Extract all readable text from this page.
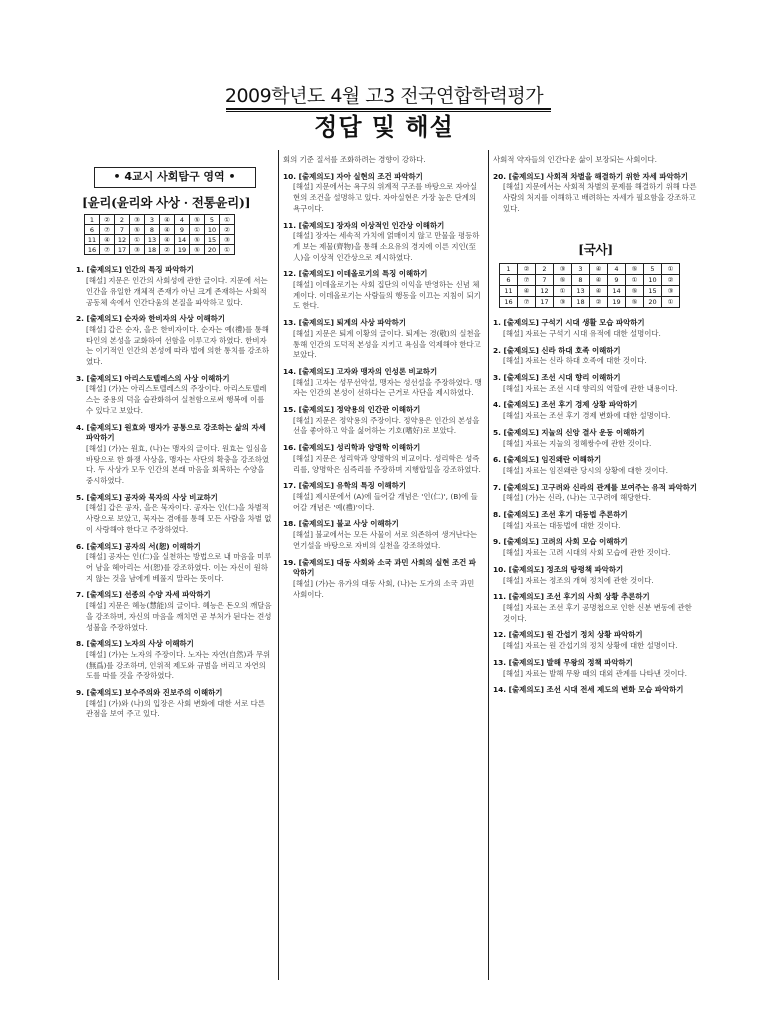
2009학년도 4월 고3 전국연합학력평가
정답 및 해설
• 4교시 사회탐구 영역 •
[윤리(윤리와 사상 · 전통윤리)]
1	②	2	③	3	④	4	⑤	5	①
6	⑦	7	⑤	8	④	9	①	10	②
11	④	12	①	13	④	14	⑤	15	③
16	⑦	17	③	18	②	19	⑤	20	①
1. [출제의도] 인간의 특징 파악하기
[해설] 지문은 인간의 사회성에 관한 글이다. 지문에 서는 인간을 유일한 개체적 존재가 아닌 크게 존재하는 사회적 공동체 속에서 인간다움의 본질을 파악하고 있다.
2. [출제의도] 순자와 한비자의 사상 이해하기
[해설] 갑은 순자, 을은 한비자이다. 순자는 예(禮)를 통해 타인의 본성을 교화하여 선함을 이루고자 하였다. 한비자는 이기적인 인간의 본성에 따라 법에 의한 통치를 강조하였다.
3. [출제의도] 아리스토텔레스의 사상 이해하기
[해설] (가)는 아리스토텔레스의 주장이다. 아리스토텔레스는 중용의 덕을 습관화하여 실천함으로써 행복에 이를 수 있다고 보았다.
4. [출제의도] 원효와 맹자가 공통으로 강조하는 삶의 자세 파악하기
[해설] (가)는 원효, (나)는 맹자의 글이다. 원효는 일심을 바탕으로 한 화쟁 사상을, 맹자는 사단의 확충을 강조하였다. 두 사상가 모두 인간의 본래 마음을 회복하는 수양을 중시하였다.
5. [출제의도] 공자와 묵자의 사상 비교하기
[해설] 갑은 공자, 을은 묵자이다. 공자는 인(仁)을 차별적 사랑으로 보았고, 묵자는 겸애를 통해 모든 사람을 차별 없이 사랑해야 한다고 주장하였다.
6. [출제의도] 공자의 서(恕) 이해하기
[해설] 공자는 인(仁)을 실천하는 방법으로 내 마음을 미루어 남을 헤아리는 서(恕)를 강조하였다. 이는 자신이 원하지 않는 것을 남에게 베풀지 말라는 뜻이다.
7. [출제의도] 선종의 수양 자세 파악하기
[해설] 지문은 혜능(慧能)의 글이다. 혜능은 돈오의 깨달음을 강조하며, 자신의 마음을 깨치면 곧 부처가 된다는 견성성불을 주장하였다.
8. [출제의도] 노자의 사상 이해하기
[해설] (가)는 노자의 주장이다. 노자는 자연(自然)과 무위(無爲)를 강조하며, 인위적 제도와 규범을 버리고 자연의 도를 따를 것을 주장하였다.
9. [출제의도] 보수주의와 진보주의 이해하기
[해설] (가)와 (나)의 입장은 사회 변화에 대한 서로 다른 관점을 보여 주고 있다.
회의 기준 질서를 조화하려는 경향이 강하다.
10. [출제의도] 자아 실현의 조건 파악하기
[해설] 지문에서는 욕구의 위계적 구조를 바탕으로 자아실현의 조건을 설명하고 있다. 자아실현은 가장 높은 단계의 욕구이다.
11. [출제의도] 장자의 이상적인 인간상 이해하기
[해설] 장자는 세속적 가치에 얽매이지 않고 만물을 평등하게 보는 제물(齊物)을 통해 소요유의 경지에 이른 지인(至人)을 이상적 인간상으로 제시하였다.
12. [출제의도] 이데올로기의 특징 이해하기
[해설] 이데올로기는 사회 집단의 이익을 반영하는 신념 체계이다. 이데올로기는 사람들의 행동을 이끄는 지침이 되기도 한다.
13. [출제의도] 퇴계의 사상 파악하기
[해설] 지문은 퇴계 이황의 글이다. 퇴계는 경(敬)의 실천을 통해 인간의 도덕적 본성을 지키고 욕심을 억제해야 한다고 보았다.
14. [출제의도] 고자와 맹자의 인성론 비교하기
[해설] 고자는 성무선악설, 맹자는 성선설을 주장하였다. 맹자는 인간의 본성이 선하다는 근거로 사단을 제시하였다.
15. [출제의도] 정약용의 인간관 이해하기
[해설] 지문은 정약용의 주장이다. 정약용은 인간의 본성을 선을 좋아하고 악을 싫어하는 기호(嗜好)로 보았다.
16. [출제의도] 성리학과 양명학 이해하기
[해설] 지문은 성리학과 양명학의 비교이다. 성리학은 성즉리를, 양명학은 심즉리를 주장하며 지행합일을 강조하였다.
17. [출제의도] 유학의 특징 이해하기
[해설] 제시문에서 (A)에 들어갈 개념은 '인(仁)', (B)에 들어갈 개념은 '예(禮)'이다.
18. [출제의도] 불교 사상 이해하기
[해설] 불교에서는 모든 사물이 서로 의존하여 생겨난다는 연기설을 바탕으로 자비의 실천을 강조하였다.
19. [출제의도] 대동 사회와 소국 과민 사회의 실현 조건 파악하기
[해설] (가)는 유가의 대동 사회, (나)는 도가의 소국 과민 사회이다.
사회적 약자들의 인간다운 삶이 보장되는 사회이다.
20. [출제의도] 사회적 차별을 해결하기 위한 자세 파악하기
[해설] 지문에서는 사회적 차별의 문제를 해결하기 위해 다른 사람의 처지를 이해하고 배려하는 자세가 필요함을 강조하고 있다.
[국사]
1	②	2	③	3	④	4	⑤	5	①
6	⑦	7	⑤	8	④	9	①	10	②
11	④	12	①	13	④	14	⑤	15	③
16	⑦	17	③	18	②	19	⑤	20	①
1. [출제의도] 구석기 시대 생활 모습 파악하기
[해설] 자료는 구석기 시대 유적에 대한 설명이다.
2. [출제의도] 신라 하대 호족 이해하기
[해설] 자료는 신라 하대 호족에 대한 것이다.
3. [출제의도] 조선 시대 향리 이해하기
[해설] 자료는 조선 시대 향리의 역할에 관한 내용이다.
4. [출제의도] 조선 후기 경제 상황 파악하기
[해설] 자료는 조선 후기 경제 변화에 대한 설명이다.
5. [출제의도] 지눌의 신앙 결사 운동 이해하기
[해설] 자료는 지눌의 정혜쌍수에 관한 것이다.
6. [출제의도] 임진왜란 이해하기
[해설] 자료는 임진왜란 당시의 상황에 대한 것이다.
7. [출제의도] 고구려와 신라의 관계를 보여주는 유적 파악하기
[해설] (가)는 신라, (나)는 고구려에 해당한다.
8. [출제의도] 조선 후기 대동법 추론하기
[해설] 자료는 대동법에 대한 것이다.
9. [출제의도] 고려의 사회 모습 이해하기
[해설] 자료는 고려 시대의 사회 모습에 관한 것이다.
10. [출제의도] 정조의 탕평책 파악하기
[해설] 자료는 정조의 개혁 정치에 관한 것이다.
11. [출제의도] 조선 후기의 사회 상황 추론하기
[해설] 자료는 조선 후기 공명첩으로 인한 신분 변동에 관한 것이다.
12. [출제의도] 원 간섭기 정치 상황 파악하기
[해설] 자료는 원 간섭기의 정치 상황에 대한 설명이다.
13. [출제의도] 발해 무왕의 정책 파악하기
[해설] 자료는 발해 무왕 때의 대외 관계를 나타낸 것이다.
14. [출제의도] 조선 시대 전세 제도의 변화 모습 파악하기
